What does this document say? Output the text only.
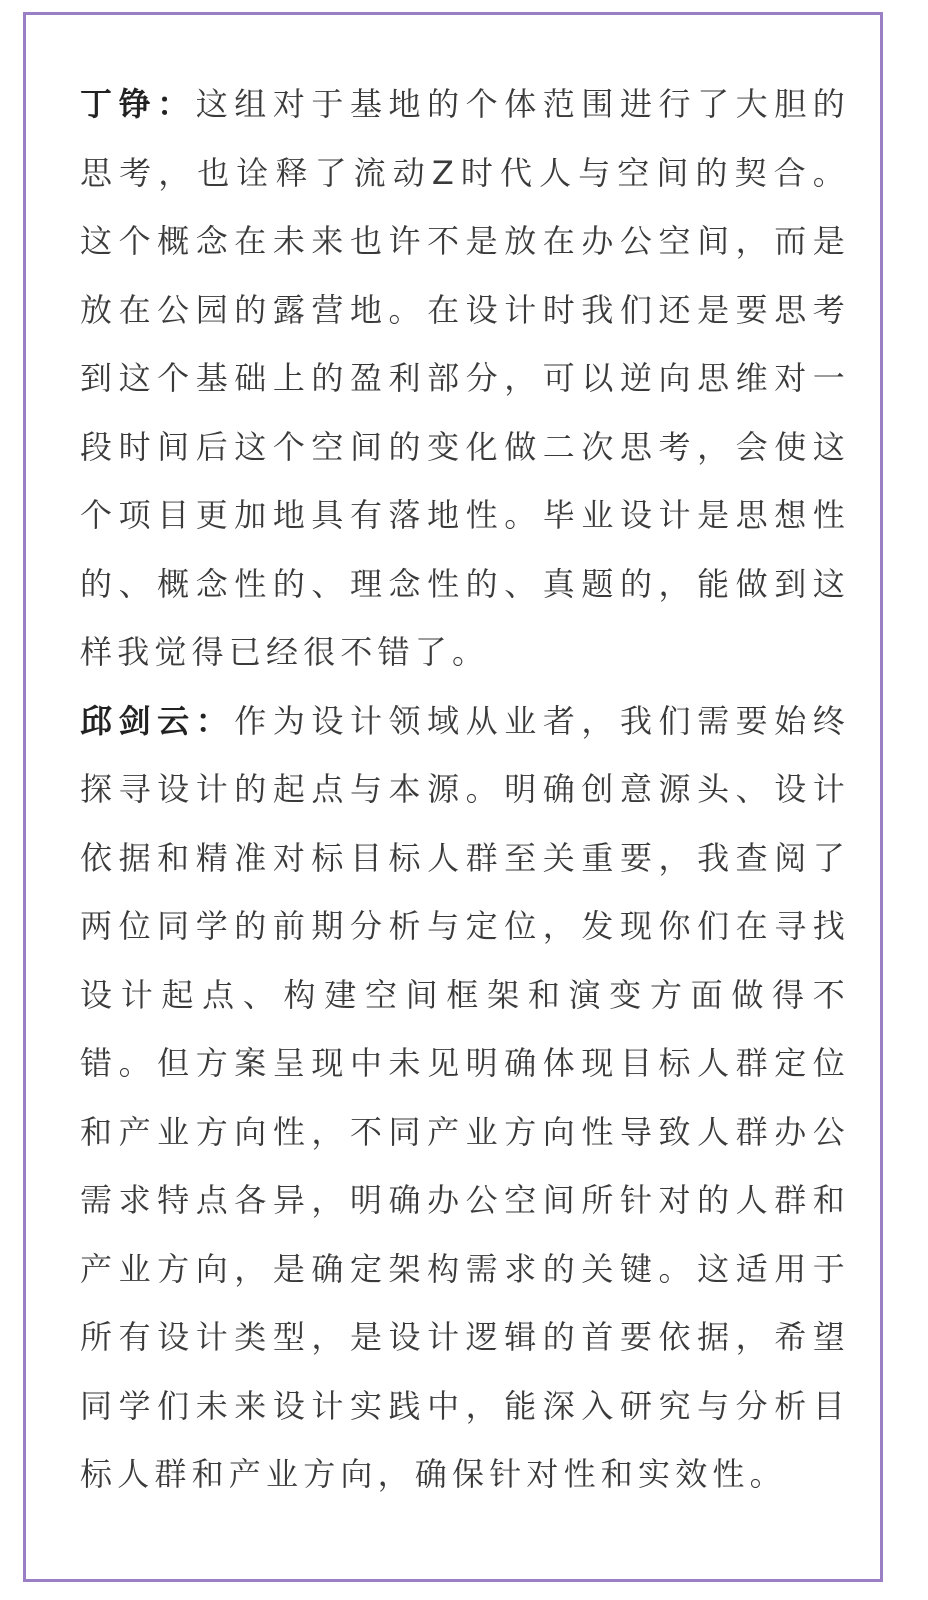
丁铮：这组对于基地的个体范围进行了大胆的思考，也诠释了流动Z时代人与空间的契合。这个概念在未来也许不是放在办公空间，而是放在公园的露营地。在设计时我们还是要思考到这个基础上的盈利部分，可以逆向思维对一段时间后这个空间的变化做二次思考，会使这个项目更加地具有落地性。毕业设计是思想性的、概念性的、理念性的、真题的，能做到这样我觉得已经很不错了。

邱剑云：作为设计领域从业者，我们需要始终探寻设计的起点与本源。明确创意源头、设计依据和精准对标目标人群至关重要，我查阅了两位同学的前期分析与定位，发现你们在寻找设计起点、构建空间框架和演变方面做得不错。但方案呈现中未见明确体现目标人群定位和产业方向性，不同产业方向性导致人群办公需求特点各异，明确办公空间所针对的人群和产业方向，是确定架构需求的关键。这适用于所有设计类型，是设计逻辑的首要依据，希望同学们未来设计实践中，能深入研究与分析目标人群和产业方向，确保针对性和实效性。
